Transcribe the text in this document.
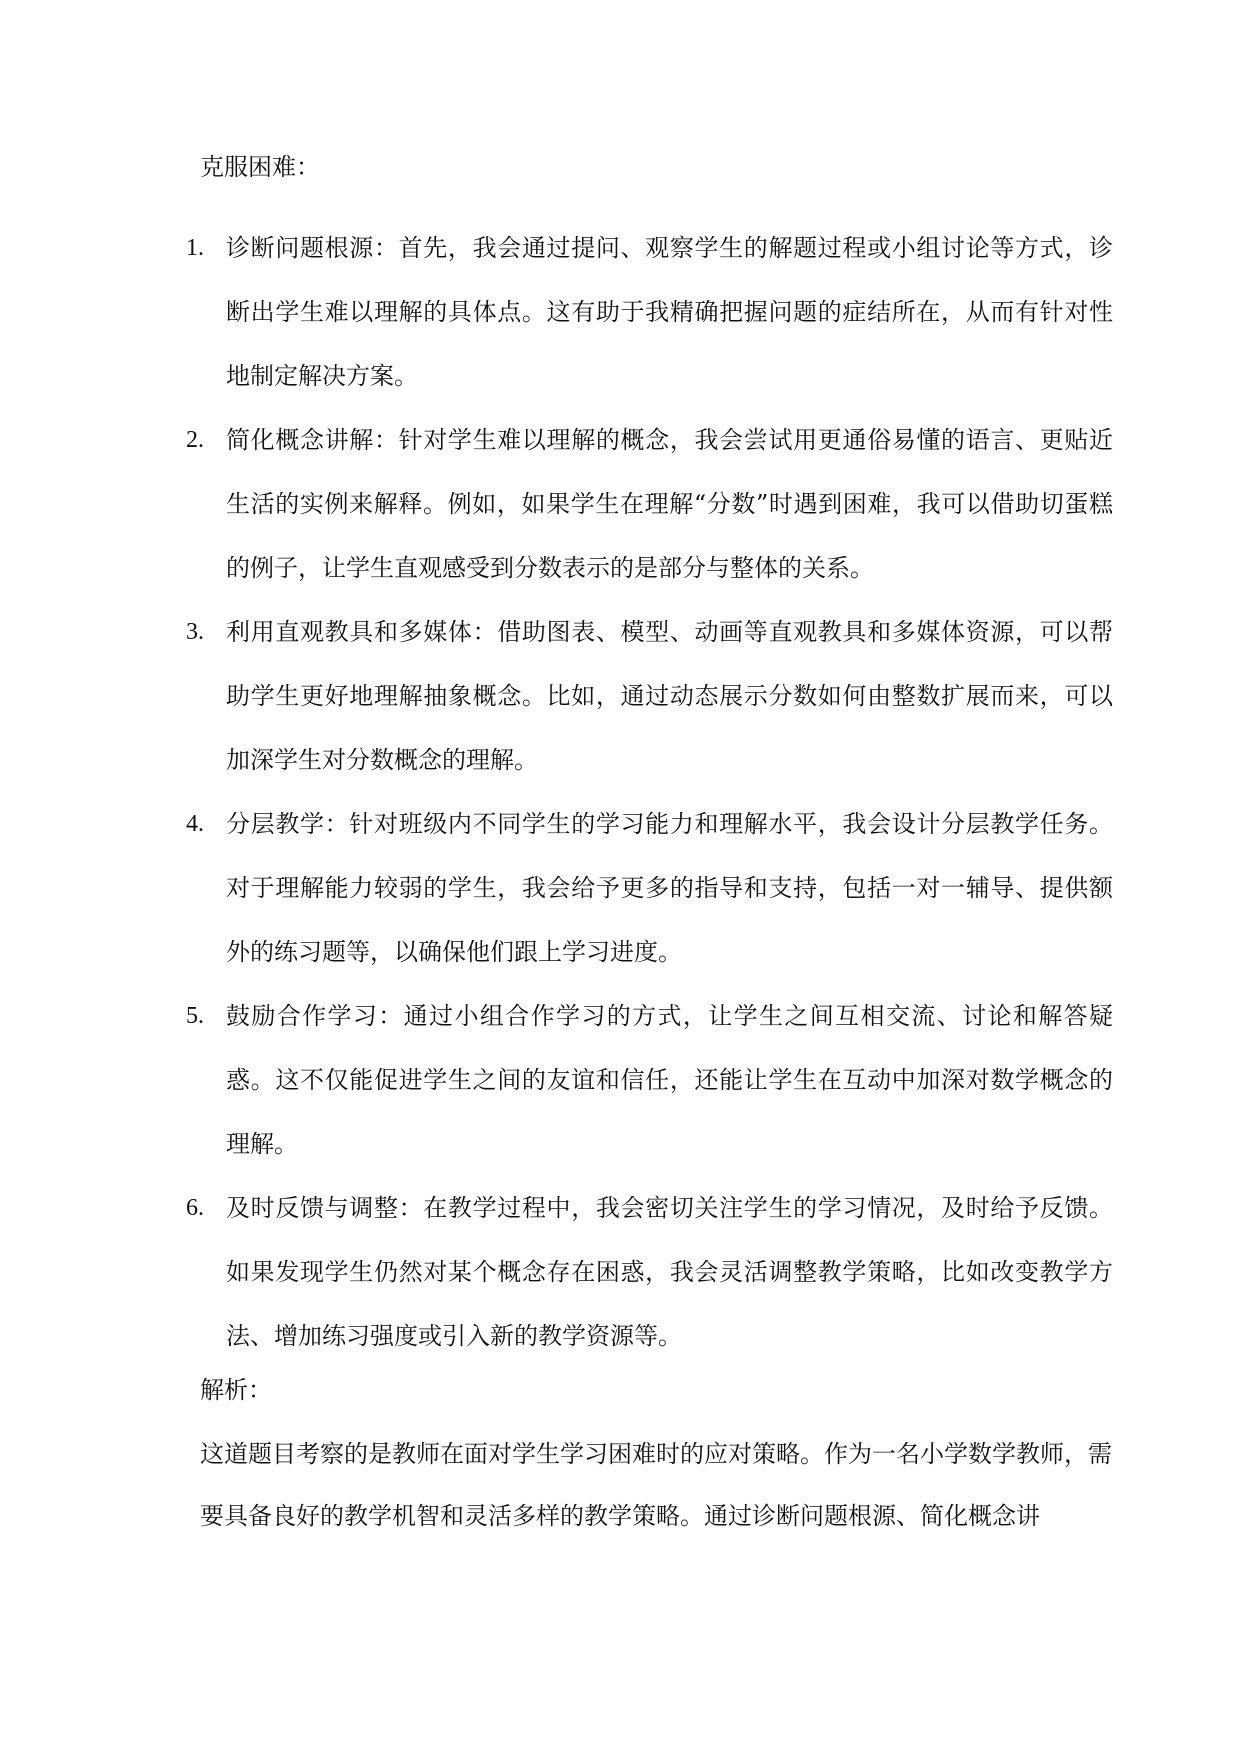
克服困难：

1. 诊断问题根源：首先，我会通过提问、观察学生的解题过程或小组讨论等方式，诊断出学生难以理解的具体点。这有助于我精确把握问题的症结所在，从而有针对性地制定解决方案。
2. 简化概念讲解：针对学生难以理解的概念，我会尝试用更通俗易懂的语言、更贴近生活的实例来解释。例如，如果学生在理解“分数”时遇到困难，我可以借助切蛋糕的例子，让学生直观感受到分数表示的是部分与整体的关系。
3. 利用直观教具和多媒体：借助图表、模型、动画等直观教具和多媒体资源，可以帮助学生更好地理解抽象概念。比如，通过动态展示分数如何由整数扩展而来，可以加深学生对分数概念的理解。
4. 分层教学：针对班级内不同学生的学习能力和理解水平，我会设计分层教学任务。对于理解能力较弱的学生，我会给予更多的指导和支持，包括一对一辅导、提供额外的练习题等，以确保他们跟上学习进度。
5. 鼓励合作学习：通过小组合作学习的方式，让学生之间互相交流、讨论和解答疑惑。这不仅能促进学生之间的友谊和信任，还能让学生在互动中加深对数学概念的理解。
6. 及时反馈与调整：在教学过程中，我会密切关注学生的学习情况，及时给予反馈。如果发现学生仍然对某个概念存在困惑，我会灵活调整教学策略，比如改变教学方法、增加练习强度或引入新的教学资源等。

解析：

这道题目考察的是教师在面对学生学习困难时的应对策略。作为一名小学数学教师，需要具备良好的教学机智和灵活多样的教学策略。通过诊断问题根源、简化概念讲
